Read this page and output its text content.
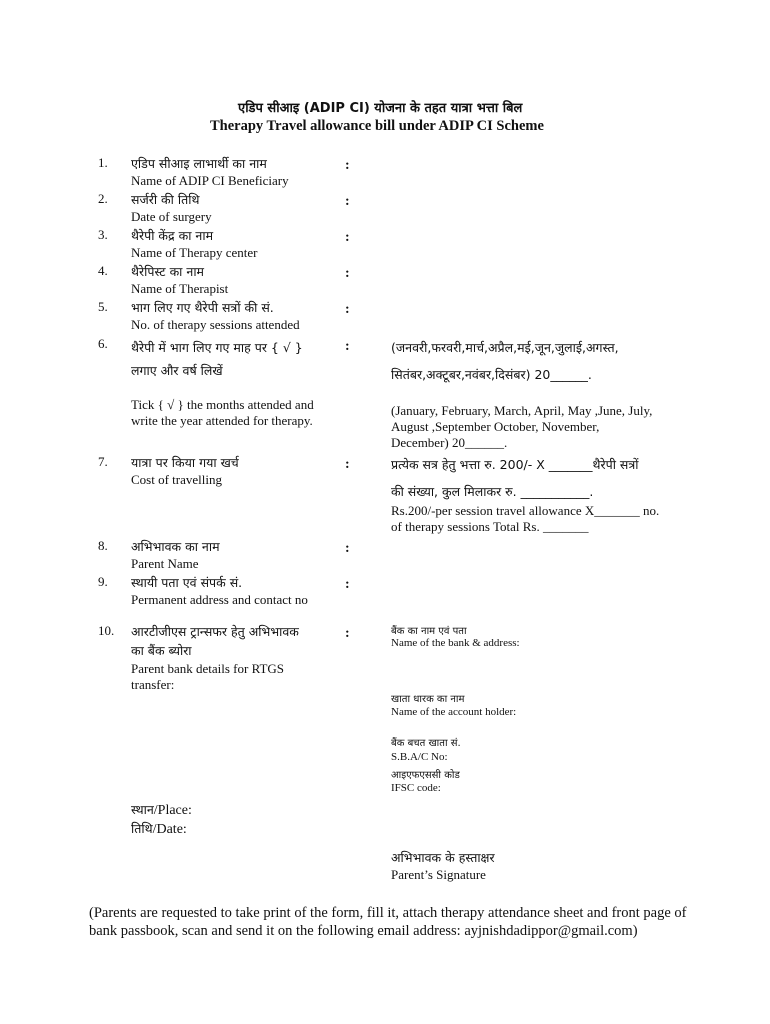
एडिप सीआइ (ADIP CI) योजना के तहत यात्रा भत्ता बिल
Therapy Travel allowance bill under ADIP CI Scheme
1. एडिप सीआइ लाभार्थी का नाम
Name of ADIP CI Beneficiary
:
2. सर्जरी की तिथि
Date of surgery
:
3. थैरेपी केंद्र का नाम
Name of Therapy center
:
4. थैरेपिस्ट का नाम
Name of Therapist
:
5. भाग लिए गए थैरेपी सत्रों की सं.
No. of therapy sessions attended
:
6. थैरेपी में भाग लिए गए माह पर { √ }
लगाए और वर्ष लिखें
:
Tick { √ } the months attended and
write the year attended for therapy.
(जनवरी,फरवरी,मार्च,अप्रैल,मई,जून,जुलाई,अगस्त,
सितंबर,अक्टूबर,नवंबर,दिसंबर) 20______.
(January, February, March, April, May ,June, July,
August ,September October, November,
December) 20______.
7. यात्रा पर किया गया खर्च
Cost of travelling
:	प्रत्येक सत्र हेतु भत्ता रु. 200/- X _______थैरेपी सत्रों
की संख्या, कुल मिलाकर रु. ___________.
Rs.200/-per session travel allowance X_______ no.
of therapy sessions Total Rs. _______
8. अभिभावक का नाम
Parent Name
:
9. स्थायी पता एवं संपर्क सं.
Permanent address and contact no
:
10. आरटीजीएस ट्रान्सफर हेतु अभिभावक
का बैंक ब्योरा
Parent bank details for RTGS
transfer:
:	बैंक का नाम एवं पता
Name of the bank & address:
खाता धारक का नाम
Name of the account holder:
बैंक बचत खाता सं.
S.B.A/C No:
आइएफएससी कोड
IFSC code:
स्थान/Place:
तिथि/Date:
अभिभावक के हस्ताक्षर
Parent’s Signature
(Parents are requested to take print of the form, fill it, attach therapy attendance sheet and front page of bank passbook, scan and send it on the following email address: ayjnishdadippor@gmail.com)
